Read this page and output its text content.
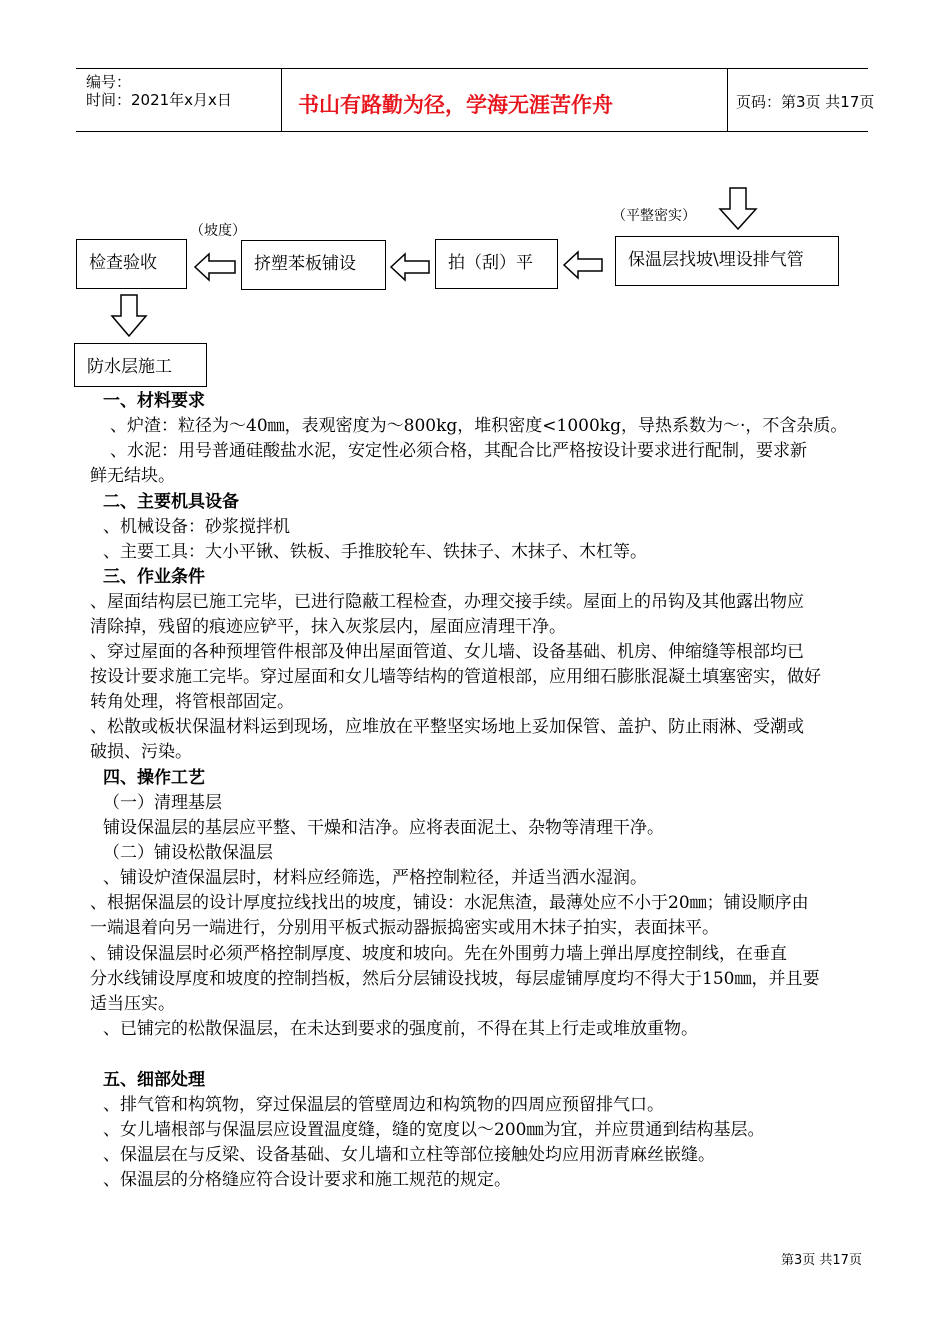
编号：
时间：2021年x月x日	书山有路勤为径，学海无涯苦作舟	页码：第3页 共17页
（平整密实）
保温层找坡\埋设排气管
拍（刮）平
（坡度）
挤塑苯板铺设
检查验收
防水层施工
一、材料要求
、炉渣：粒径为～40㎜，表观密度为～800kg，堆积密度<1000kg，导热系数为～·，不含杂质。
、水泥：用号普通硅酸盐水泥，安定性必须合格，其配合比严格按设计要求进行配制，要求新
鲜无结块。
二、主要机具设备
、机械设备：砂浆搅拌机
、主要工具：大小平锹、铁板、手推胶轮车、铁抹子、木抹子、木杠等。
三、作业条件
、屋面结构层已施工完毕，已进行隐蔽工程检查，办理交接手续。屋面上的吊钩及其他露出物应
清除掉，残留的痕迹应铲平，抹入灰浆层内，屋面应清理干净。
、穿过屋面的各种预埋管件根部及伸出屋面管道、女儿墙、设备基础、机房、伸缩缝等根部均已
按设计要求施工完毕。穿过屋面和女儿墙等结构的管道根部，应用细石膨胀混凝土填塞密实，做好
转角处理，将管根部固定。
、松散或板状保温材料运到现场，应堆放在平整坚实场地上妥加保管、盖护、防止雨淋、受潮或
破损、污染。
四、操作工艺
（一）清理基层
铺设保温层的基层应平整、干燥和洁净。应将表面泥土、杂物等清理干净。
（二）铺设松散保温层
、铺设炉渣保温层时，材料应经筛选，严格控制粒径，并适当洒水湿润。
、根据保温层的设计厚度拉线找出的坡度，铺设：水泥焦渣，最薄处应不小于20㎜；铺设顺序由
一端退着向另一端进行，分别用平板式振动器振捣密实或用木抹子拍实，表面抹平。
、铺设保温层时必须严格控制厚度、坡度和坡向。先在外围剪力墙上弹出厚度控制线，在垂直
分水线铺设厚度和坡度的控制挡板，然后分层铺设找坡，每层虚铺厚度均不得大于150㎜，并且要
适当压实。
、已铺完的松散保温层，在未达到要求的强度前，不得在其上行走或堆放重物。
五、细部处理
、排气管和构筑物，穿过保温层的管壁周边和构筑物的四周应预留排气口。
、女儿墙根部与保温层应设置温度缝，缝的宽度以～200㎜为宜，并应贯通到结构基层。
、保温层在与反梁、设备基础、女儿墙和立柱等部位接触处均应用沥青麻丝嵌缝。
、保温层的分格缝应符合设计要求和施工规范的规定。
第3页 共17页
